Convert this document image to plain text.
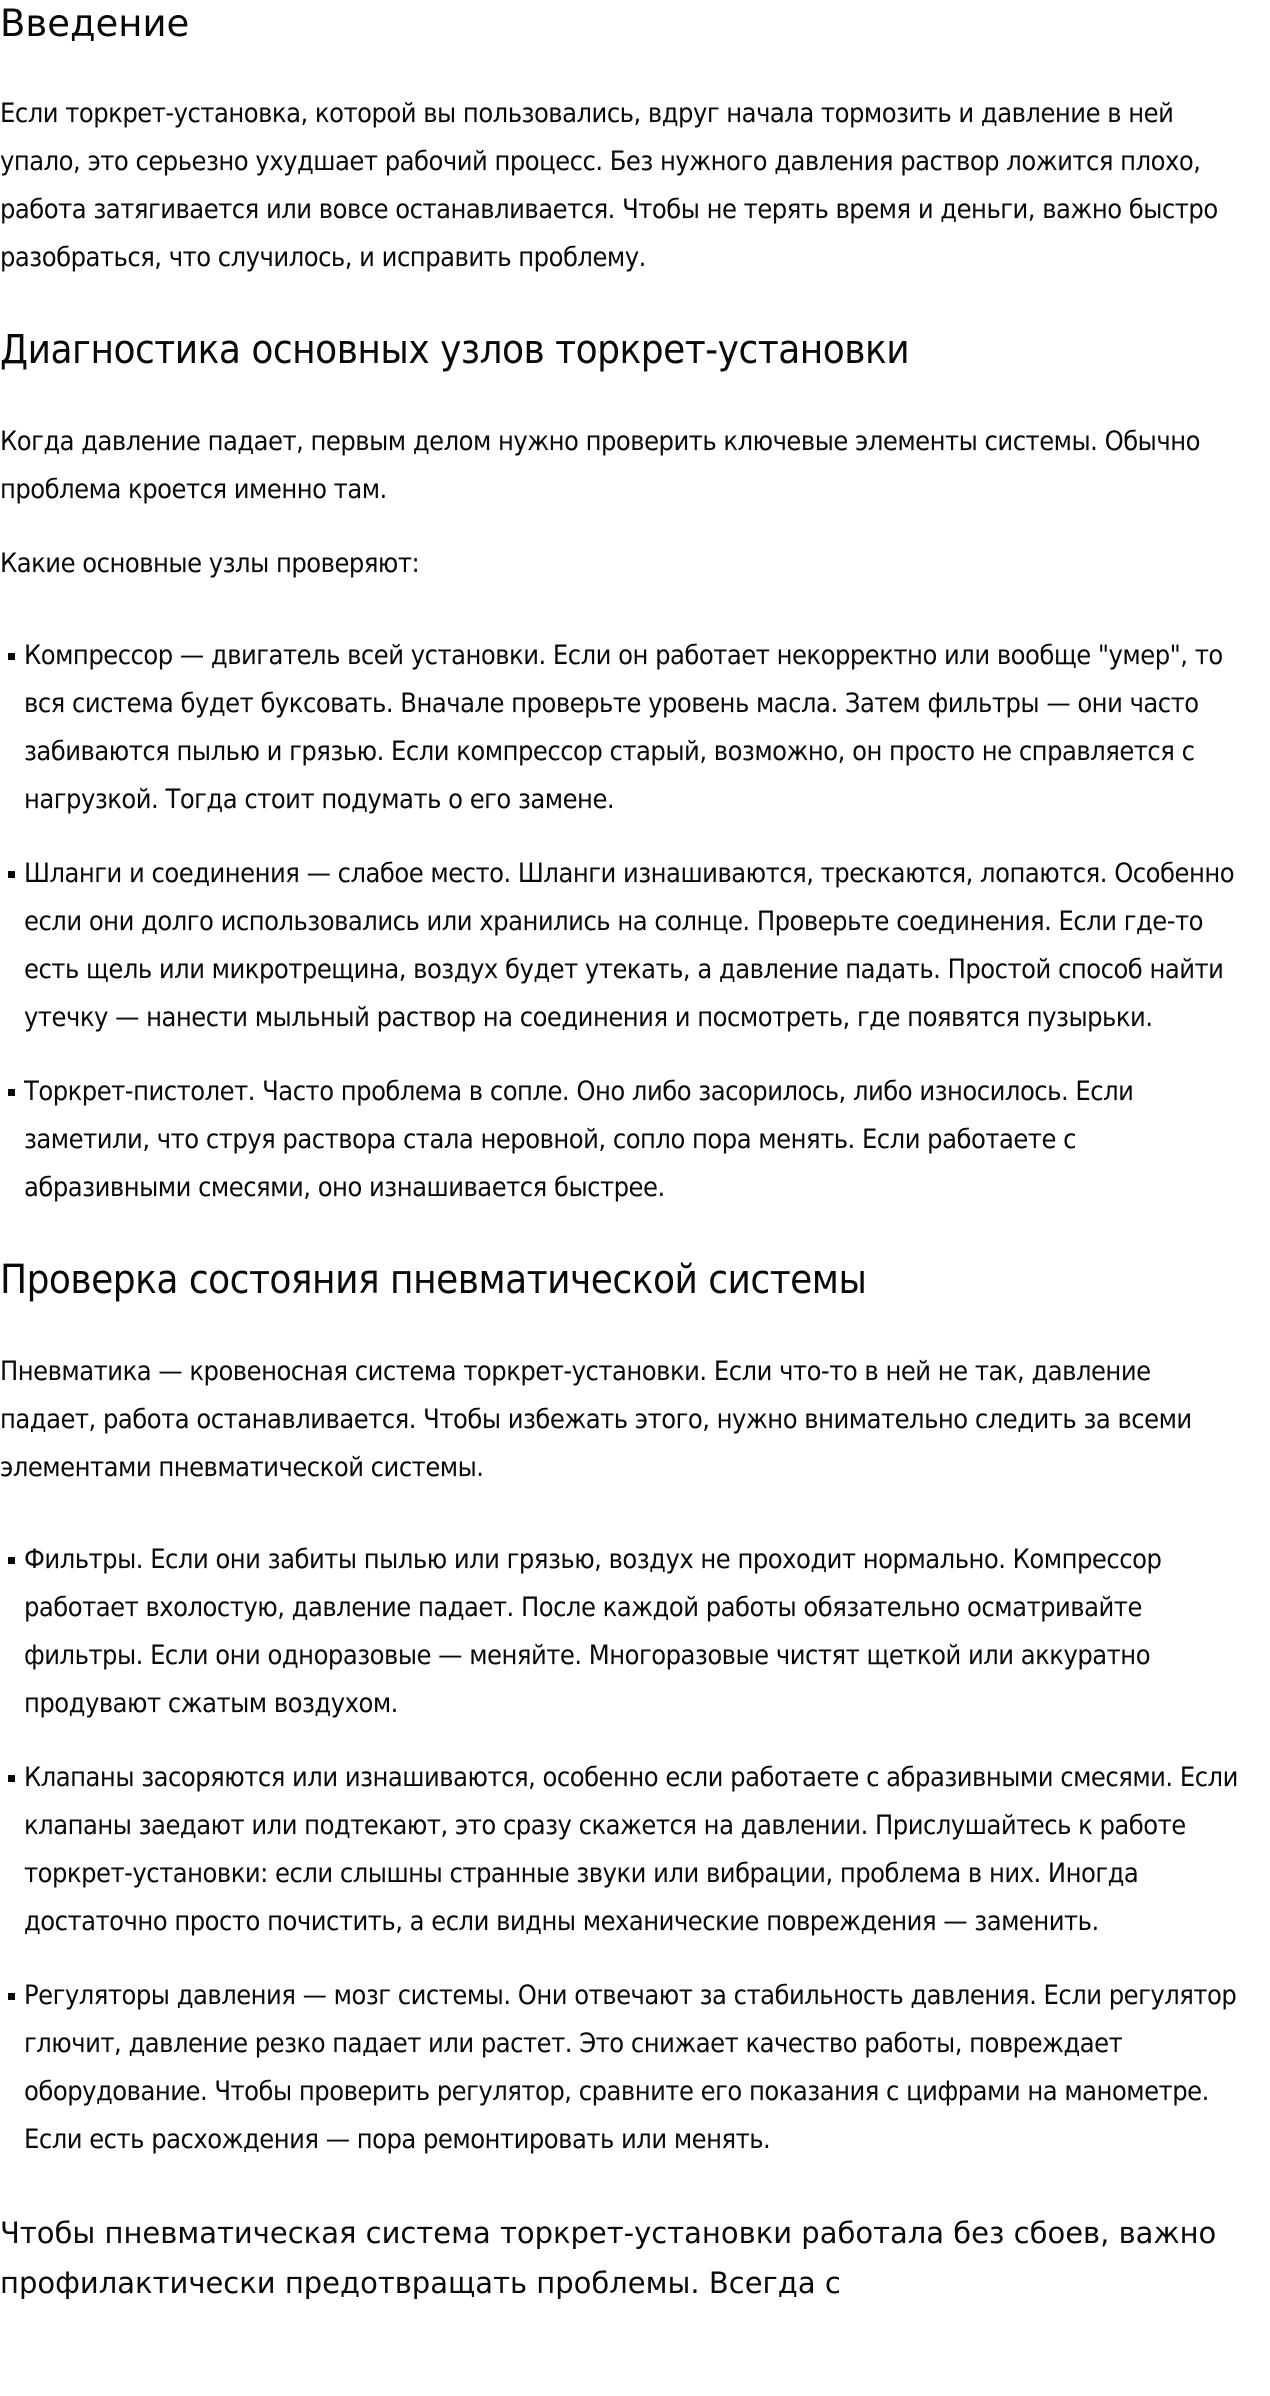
Введение

Если торкрет-установка, которой вы пользовались, вдруг начала тормозить и давление в ней упало, это серьезно ухудшает рабочий процесс. Без нужного давления раствор ложится плохо, работа затягивается или вовсе останавливается. Чтобы не терять время и деньги, важно быстро разобраться, что случилось, и исправить проблему.

Диагностика основных узлов торкрет-установки

Когда давление падает, первым делом нужно проверить ключевые элементы системы. Обычно проблема кроется именно там.

Какие основные узлы проверяют:

Компрессор — двигатель всей установки. Если он работает некорректно или вообще "умер", то вся система будет буксовать. Вначале проверьте уровень масла. Затем фильтры — они часто забиваются пылью и грязью. Если компрессор старый, возможно, он просто не справляется с нагрузкой. Тогда стоит подумать о его замене.
Шланги и соединения — слабое место. Шланги изнашиваются, трескаются, лопаются. Особенно если они долго использовались или хранились на солнце. Проверьте соединения. Если где-то есть щель или микротрещина, воздух будет утекать, а давление падать. Простой способ найти утечку — нанести мыльный раствор на соединения и посмотреть, где появятся пузырьки.
Торкрет-пистолет. Часто проблема в сопле. Оно либо засорилось, либо износилось. Если заметили, что струя раствора стала неровной, сопло пора менять. Если работаете с абразивными смесями, оно изнашивается быстрее.
Проверка состояния пневматической системы

Пневматика — кровеносная система торкрет-установки. Если что-то в ней не так, давление падает, работа останавливается. Чтобы избежать этого, нужно внимательно следить за всеми элементами пневматической системы.

Фильтры. Если они забиты пылью или грязью, воздух не проходит нормально. Компрессор работает вхолостую, давление падает. После каждой работы обязательно осматривайте фильтры. Если они одноразовые — меняйте. Многоразовые чистят щеткой или аккуратно продувают сжатым воздухом.
Клапаны засоряются или изнашиваются, особенно если работаете с абразивными смесями. Если клапаны заедают или подтекают, это сразу скажется на давлении. Прислушайтесь к работе торкрет-установки: если слышны странные звуки или вибрации, проблема в них. Иногда достаточно просто почистить, а если видны механические повреждения — заменить.
Регуляторы давления — мозг системы. Они отвечают за стабильность давления. Если регулятор глючит, давление резко падает или растет. Это снижает качество работы, повреждает оборудование. Чтобы проверить регулятор, сравните его показания с цифрами на манометре. Если есть расхождения — пора ремонтировать или менять.

Чтобы пневматическая система торкрет-установки работала без сбоев, важно профилактически предотвращать проблемы. Всегда с
